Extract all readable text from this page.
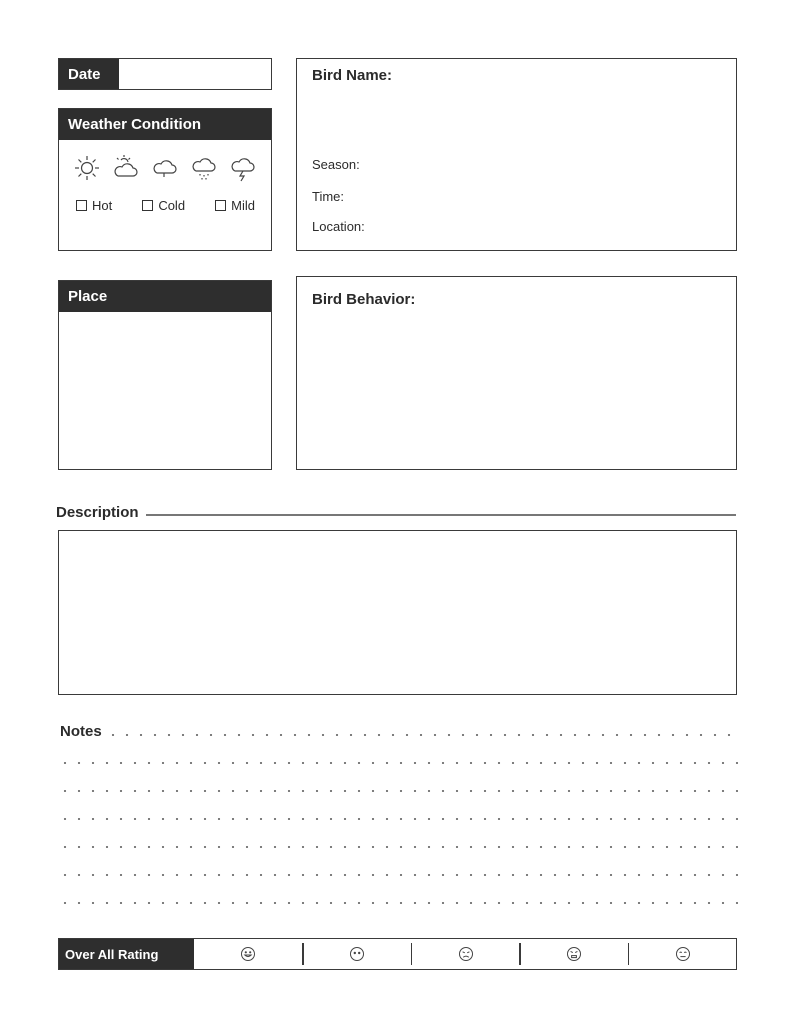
Date
Weather Condition
Hot	Cold	Mild
Bird Name:
Season:
Time:
Location:
Place	Bird Behavior:
Description
Notes
Over All Rating
